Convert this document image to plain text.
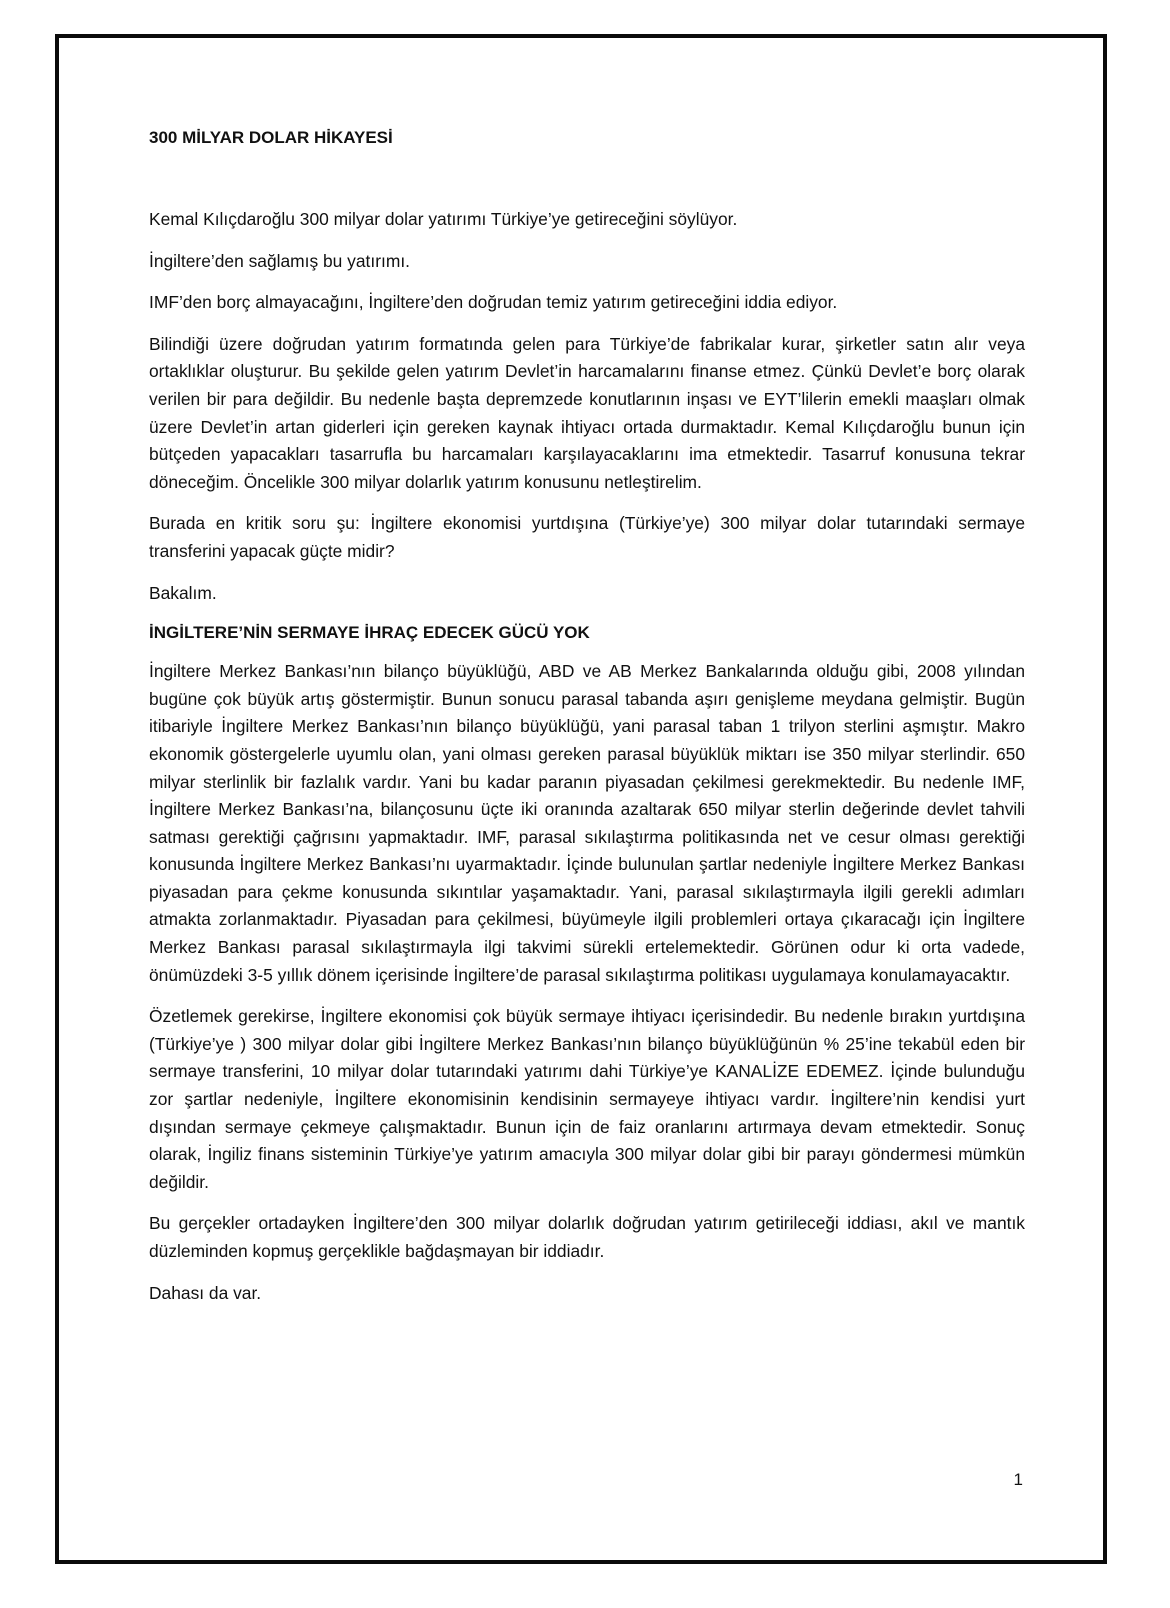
300 MİLYAR DOLAR HİKAYESİ

Kemal Kılıçdaroğlu 300 milyar dolar yatırımı Türkiye’ye getireceğini söylüyor.

İngiltere’den sağlamış bu yatırımı.

IMF’den borç almayacağını, İngiltere’den doğrudan temiz yatırım getireceğini iddia ediyor.

Bilindiği üzere doğrudan yatırım formatında gelen para Türkiye’de fabrikalar kurar, şirketler satın alır veya ortaklıklar oluşturur. Bu şekilde gelen yatırım Devlet’in harcamalarını finanse etmez. Çünkü Devlet’e borç olarak verilen bir para değildir. Bu nedenle başta depremzede konutlarının inşası ve EYT’lilerin emekli maaşları olmak üzere Devlet’in artan giderleri için gereken kaynak ihtiyacı ortada durmaktadır. Kemal Kılıçdaroğlu bunun için bütçeden yapacakları tasarrufla bu harcamaları karşılayacaklarını ima etmektedir. Tasarruf konusuna tekrar döneceğim. Öncelikle 300 milyar dolarlık yatırım konusunu netleştirelim.

Burada en kritik soru şu: İngiltere ekonomisi yurtdışına (Türkiye’ye) 300 milyar dolar tutarındaki sermaye transferini yapacak güçte midir?

Bakalım.

İNGİLTERE’NİN SERMAYE İHRAÇ EDECEK GÜCÜ YOK

İngiltere Merkez Bankası’nın bilanço büyüklüğü, ABD ve AB Merkez Bankalarında olduğu gibi, 2008 yılından bugüne çok büyük artış göstermiştir. Bunun sonucu parasal tabanda aşırı genişleme meydana gelmiştir. Bugün itibariyle İngiltere Merkez Bankası’nın bilanço büyüklüğü, yani parasal taban 1 trilyon sterlini aşmıştır. Makro ekonomik göstergelerle uyumlu olan, yani olması gereken parasal büyüklük miktarı ise 350 milyar sterlindir. 650 milyar sterlinlik bir fazlalık vardır. Yani bu kadar paranın piyasadan çekilmesi gerekmektedir. Bu nedenle IMF, İngiltere Merkez Bankası’na, bilançosunu üçte iki oranında azaltarak 650 milyar sterlin değerinde devlet tahvili satması gerektiği çağrısını yapmaktadır. IMF, parasal sıkılaştırma politikasında net ve cesur olması gerektiği konusunda İngiltere Merkez Bankası’nı uyarmaktadır. İçinde bulunulan şartlar nedeniyle İngiltere Merkez Bankası piyasadan para çekme konusunda sıkıntılar yaşamaktadır. Yani, parasal sıkılaştırmayla ilgili gerekli adımları atmakta zorlanmaktadır. Piyasadan para çekilmesi, büyümeyle ilgili problemleri ortaya çıkaracağı için İngiltere Merkez Bankası parasal sıkılaştırmayla ilgi takvimi sürekli ertelemektedir. Görünen odur ki orta vadede, önümüzdeki 3-5 yıllık dönem içerisinde İngiltere’de parasal sıkılaştırma politikası uygulamaya konulamayacaktır.

Özetlemek gerekirse, İngiltere ekonomisi çok büyük sermaye ihtiyacı içerisindedir. Bu nedenle bırakın yurtdışına (Türkiye’ye ) 300 milyar dolar gibi İngiltere Merkez Bankası’nın bilanço büyüklüğünün % 25’ine tekabül eden bir sermaye transferini, 10 milyar dolar tutarındaki yatırımı dahi Türkiye’ye KANALİZE EDEMEZ. İçinde bulunduğu zor şartlar nedeniyle, İngiltere ekonomisinin kendisinin sermayeye ihtiyacı vardır. İngiltere’nin kendisi yurt dışından sermaye çekmeye çalışmaktadır. Bunun için de faiz oranlarını artırmaya devam etmektedir. Sonuç olarak, İngiliz finans sisteminin Türkiye’ye yatırım amacıyla 300 milyar dolar gibi bir parayı göndermesi mümkün değildir.

Bu gerçekler ortadayken İngiltere’den 300 milyar dolarlık doğrudan yatırım getirileceği iddiası, akıl ve mantık düzleminden kopmuş gerçeklikle bağdaşmayan bir iddiadır.

Dahası da var.

1
